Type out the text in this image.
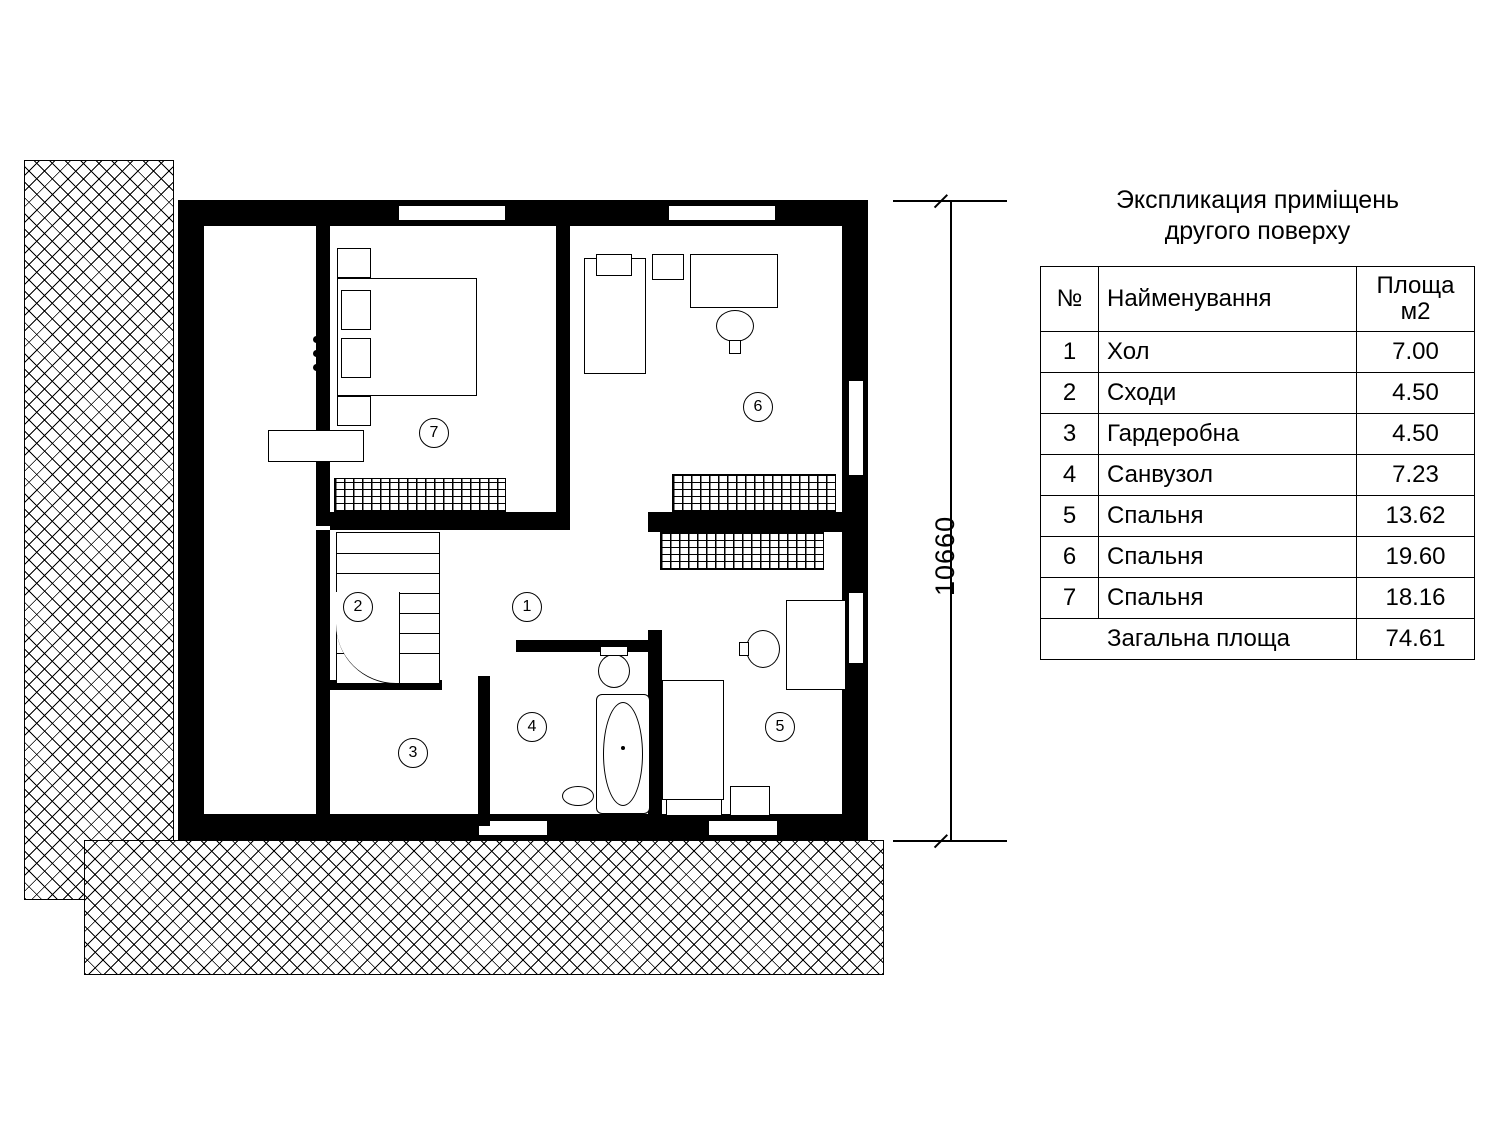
7
6
1
2
3
4	5
10660
Экспликация приміщень
другого поверху
№	Найменування	Площа
м2

1	Хол	7.00
2	Сходи	4.50
3	Гардеробна	4.50
4	Санвузол	7.23
5	Спальня	13.62
6	Спальня	19.60
7	Спальня	18.16
Загальна площа		74.61
